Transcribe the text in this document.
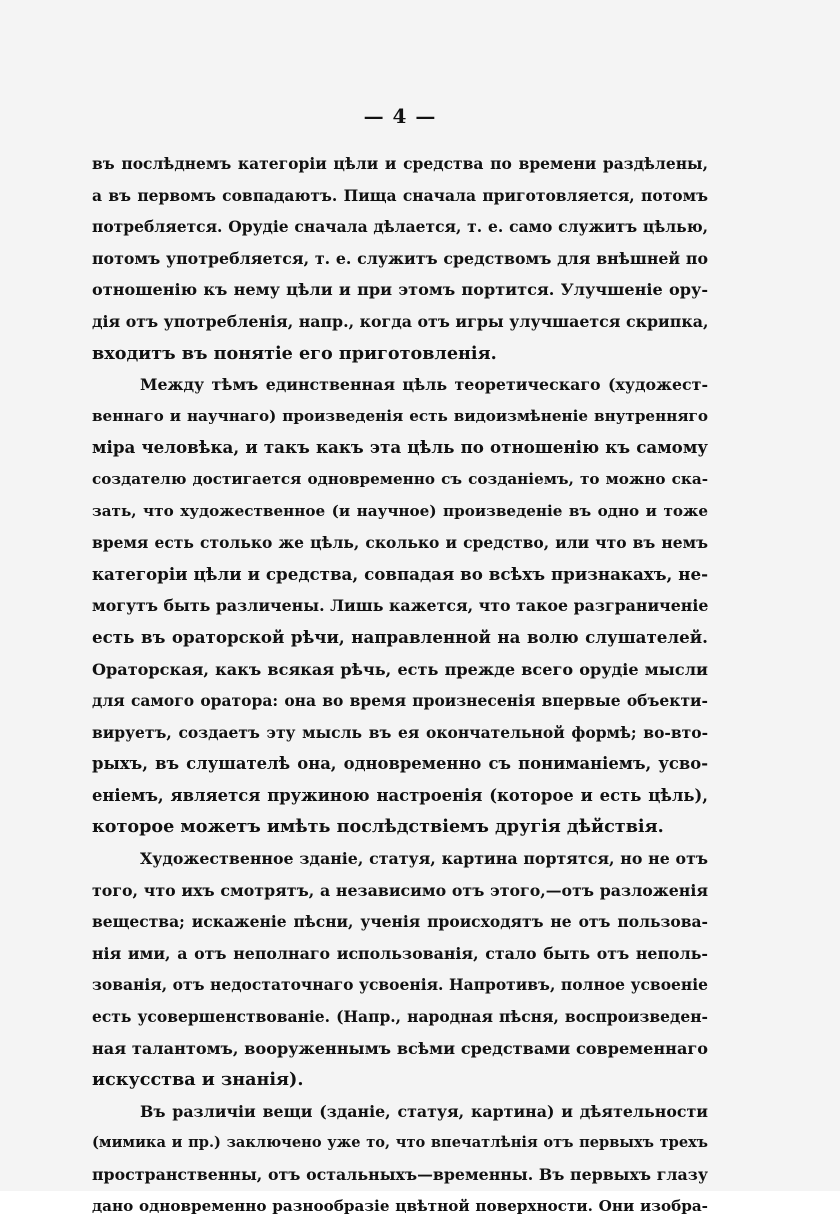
— 4 —
въ послѣднемъ категоріи цѣли и средства по времени раздѣлены,
а въ первомъ совпадаютъ. Пища сначала приготовляется, потомъ
потребляется. Орудіе сначала дѣлается, т. е. само служитъ цѣлью,
потомъ употребляется, т. е. служитъ средствомъ для внѣшней по
отношенію къ нему цѣли и при этомъ портится. Улучшеніе ору-
дія отъ употребленія, напр., когда отъ игры улучшается скрипка,
входитъ въ понятіе его приготовленія.
Между тѣмъ единственная цѣль теоретическаго (художест-
веннаго и научнаго) произведенія есть видоизмѣненіе внутренняго
міра человѣка, и такъ какъ эта цѣль по отношенію къ самому
создателю достигается одновременно съ созданіемъ, то можно ска-
зать, что художественное (и научное) произведеніе въ одно и тоже
время есть столько же цѣль, сколько и средство, или что въ немъ
категоріи цѣли и средства, совпадая во всѣхъ признакахъ, не-
могутъ быть различены. Лишь кажется, что такое разграниченіе
есть въ ораторской рѣчи, направленной на волю слушателей.
Ораторская, какъ всякая рѣчь, есть прежде всего орудіе мысли
для самого оратора: она во время произнесенія впервые объекти-
вируетъ, создаетъ эту мысль въ ея окончательной формѣ; во-вто-
рыхъ, въ слушателѣ она, одновременно съ пониманіемъ, усво-
еніемъ, является пружиною настроенія (которое и есть цѣль),
которое можетъ имѣть послѣдствіемъ другія дѣйствія.
Художественное зданіе, статуя, картина портятся, но не отъ
того, что ихъ смотрятъ, а независимо отъ этого,—отъ разложенія
вещества; искаженіе пѣсни, ученія происходятъ не отъ пользова-
нія ими, а отъ неполнаго использованія, стало быть отъ неполь-
зованія, отъ недостаточнаго усвоенія. Напротивъ, полное усвоеніе
есть усовершенствованіе. (Напр., народная пѣсня, воспроизведен-
ная талантомъ, вооруженнымъ всѣми средствами современнаго
искусства и знанія).
Въ различіи вещи (зданіе, статуя, картина) и дѣятельности
(мимика и пр.) заключено уже то, что впечатлѣнія отъ первыхъ трехъ
пространственны, отъ остальныхъ—временны. Въ первыхъ глазу
дано одновременно разнообразіе цвѣтной поверхности. Они изобра-
